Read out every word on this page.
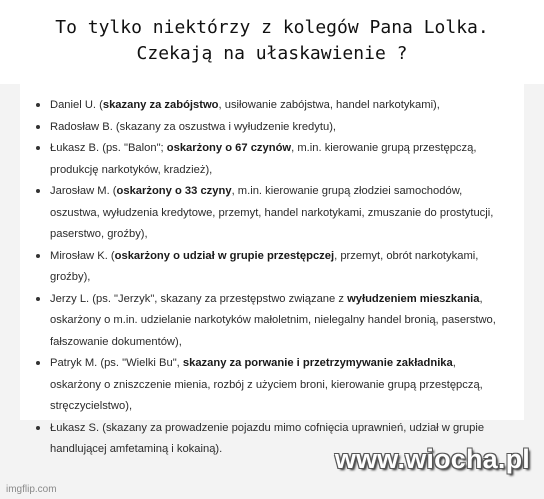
To tylko niektórzy z kolegów Pana Lolka.
Czekają na ułaskawienie ?
Daniel U. (skazany za zabójstwo, usiłowanie zabójstwa, handel narkotykami),
Radosław B. (skazany za oszustwa i wyłudzenie kredytu),
Łukasz B. (ps. "Balon"; oskarżony o 67 czynów, m.in. kierowanie grupą przestępczą, produkcję narkotyków, kradzież),
Jarosław M. (oskarżony o 33 czyny, m.in. kierowanie grupą złodziei samochodów, oszustwa, wyłudzenia kredytowe, przemyt, handel narkotykami, zmuszanie do prostytucji, paserstwo, groźby),
Mirosław K. (oskarżony o udział w grupie przestępczej, przemyt, obrót narkotykami, groźby),
Jerzy L. (ps. "Jerzyk", skazany za przestępstwo związane z wyłudzeniem mieszkania, oskarżony o m.in. udzielanie narkotyków małoletnim, nielegalny handel bronią, paserstwo, fałszowanie dokumentów),
Patryk M. (ps. "Wielki Bu", skazany za porwanie i przetrzymywanie zakładnika, oskarżony o zniszczenie mienia, rozbój z użyciem broni, kierowanie grupą przestępczą, stręczycielstwo),
Łukasz S. (skazany za prowadzenie pojazdu mimo cofnięcia uprawnień, udział w grupie handlującej amfetaminą i kokainą).
imgflip.com
www.wiocha.pl
